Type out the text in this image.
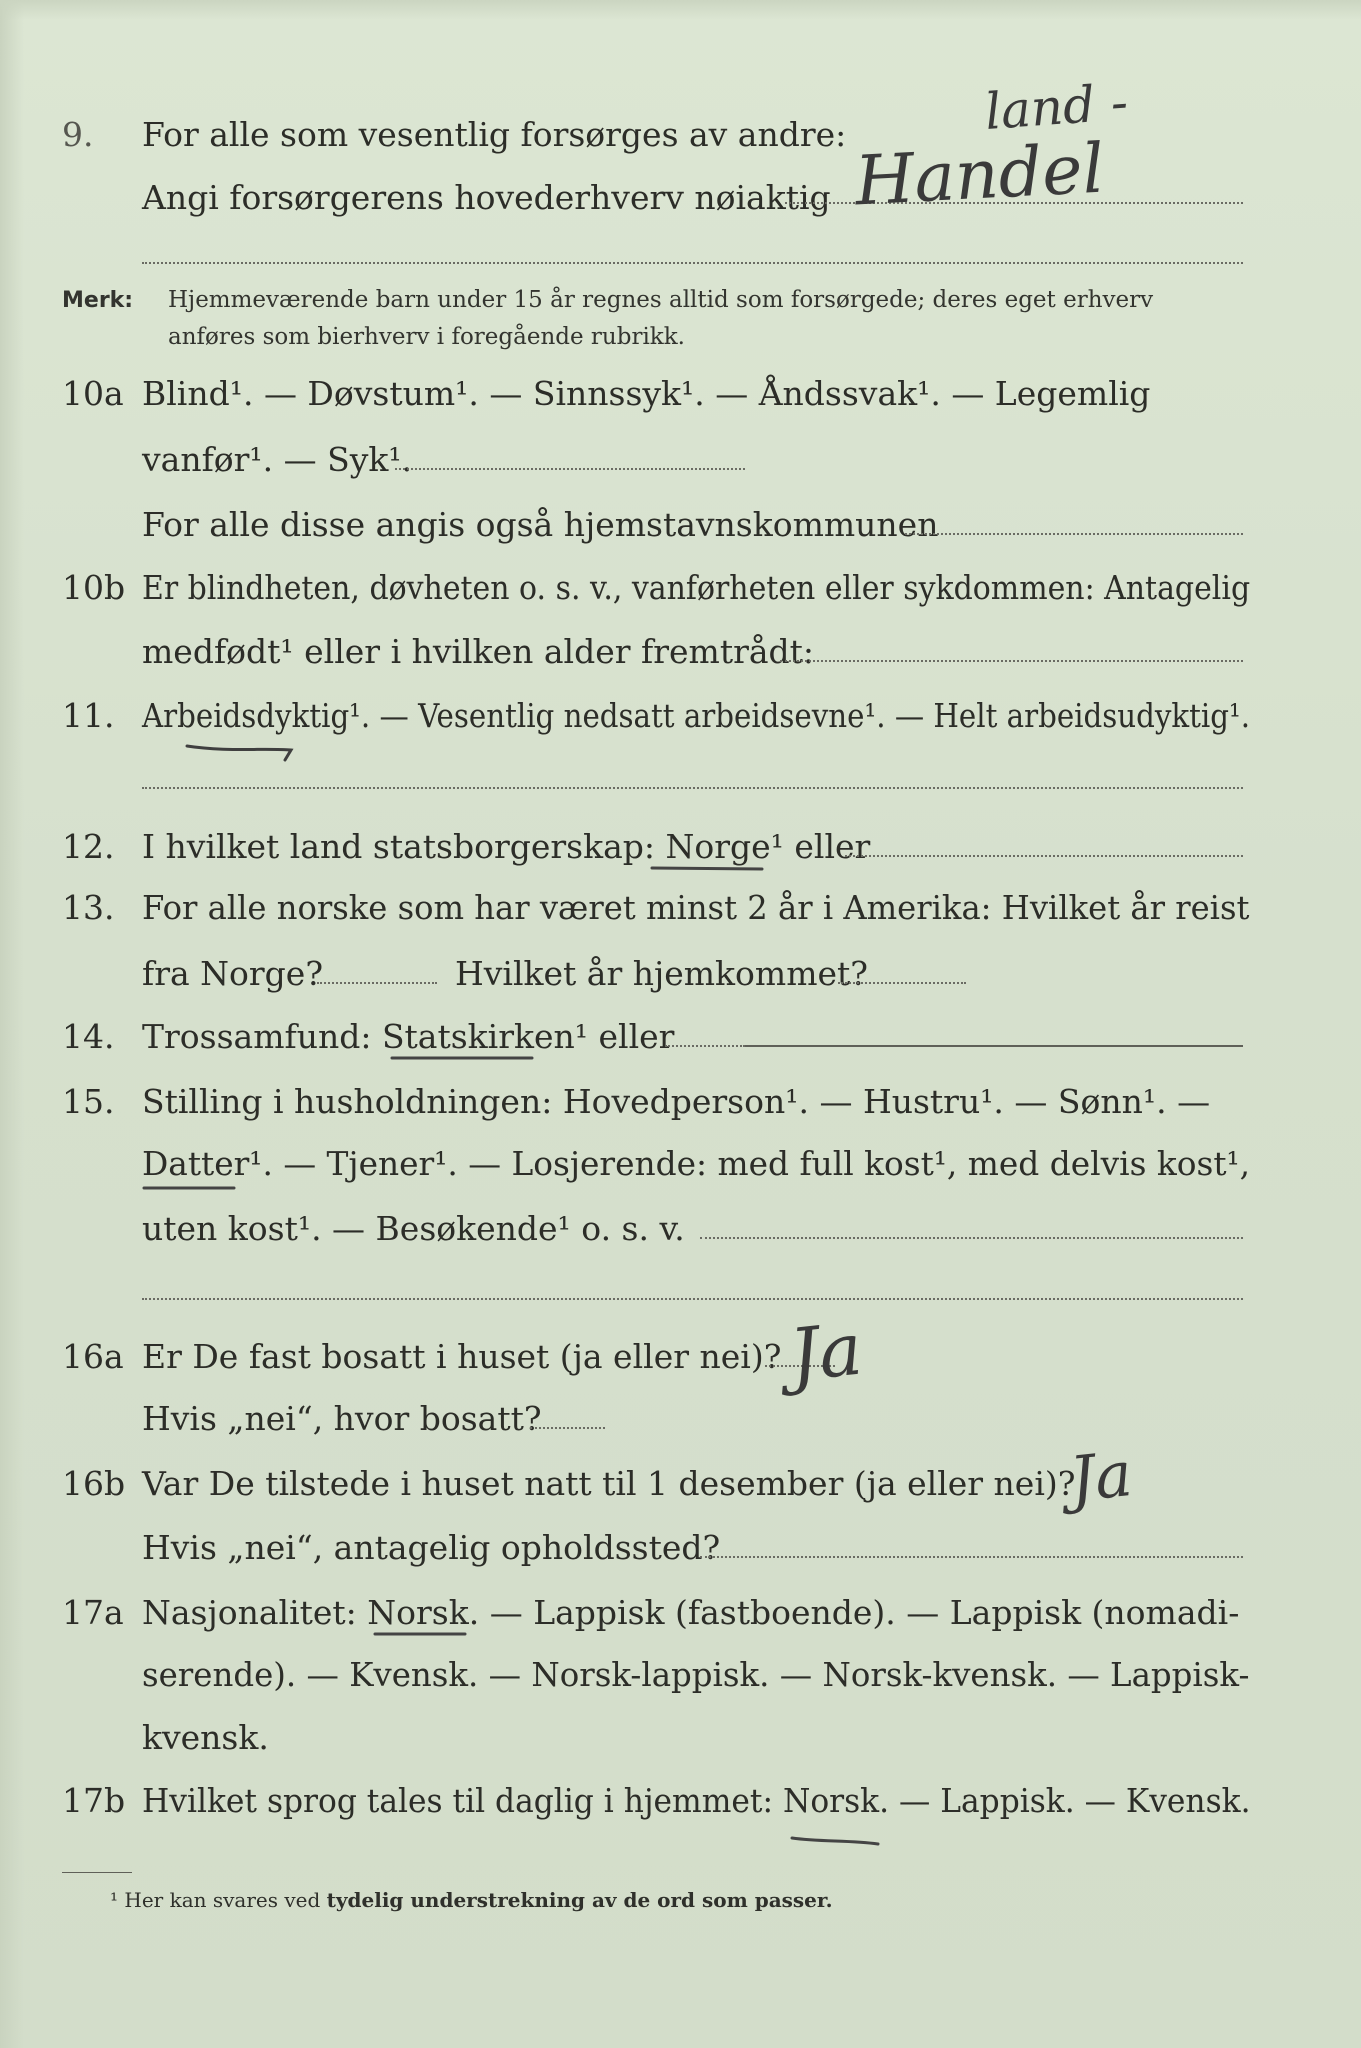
9. For alle som vesentlig forsørges av andre:
Angi forsørgerens hovederhverv nøiaktig
land -
Handel
Merk: Hjemmeværende barn under 15 år regnes alltid som forsørgede; deres eget erhverv
anføres som bierhverv i foregående rubrikk.
10a Blind¹. — Døvstum¹. — Sinnssyk¹. — Åndssvak¹. — Legemlig
vanfør¹. — Syk¹.
For alle disse angis også hjemstavnskommunen
10b Er blindheten, døvheten o. s. v., vanførheten eller sykdommen: Antagelig
medfødt¹ eller i hvilken alder fremtrådt:
11. Arbeidsdyktig¹. — Vesentlig nedsatt arbeidsevne¹. — Helt arbeidsudyktig¹.
12. I hvilket land statsborgerskap: Norge¹ eller
13. For alle norske som har været minst 2 år i Amerika: Hvilket år reist
fra Norge?	Hvilket år hjemkommet?
14. Trossamfund: Statskirken¹ eller
15. Stilling i husholdningen: Hovedperson¹. — Hustru¹. — Sønn¹. —
Datter¹. — Tjener¹. — Losjerende: med full kost¹, med delvis kost¹,
uten kost¹. — Besøkende¹ o. s. v.
16a Er De fast bosatt i huset (ja eller nei)? Ja
Hvis „nei“, hvor bosatt?
16b Var De tilstede i huset natt til 1 desember (ja eller nei)?
Ja
Hvis „nei“, antagelig opholdssted?
17a Nasjonalitet: Norsk. — Lappisk (fastboende). — Lappisk (nomadi-
serende). — Kvensk. — Norsk-lappisk. — Norsk-kvensk. — Lappisk-
kvensk.
17b Hvilket sprog tales til daglig i hjemmet: Norsk. — Lappisk. — Kvensk.
¹ Her kan svares ved tydelig understrekning av de ord som passer.
